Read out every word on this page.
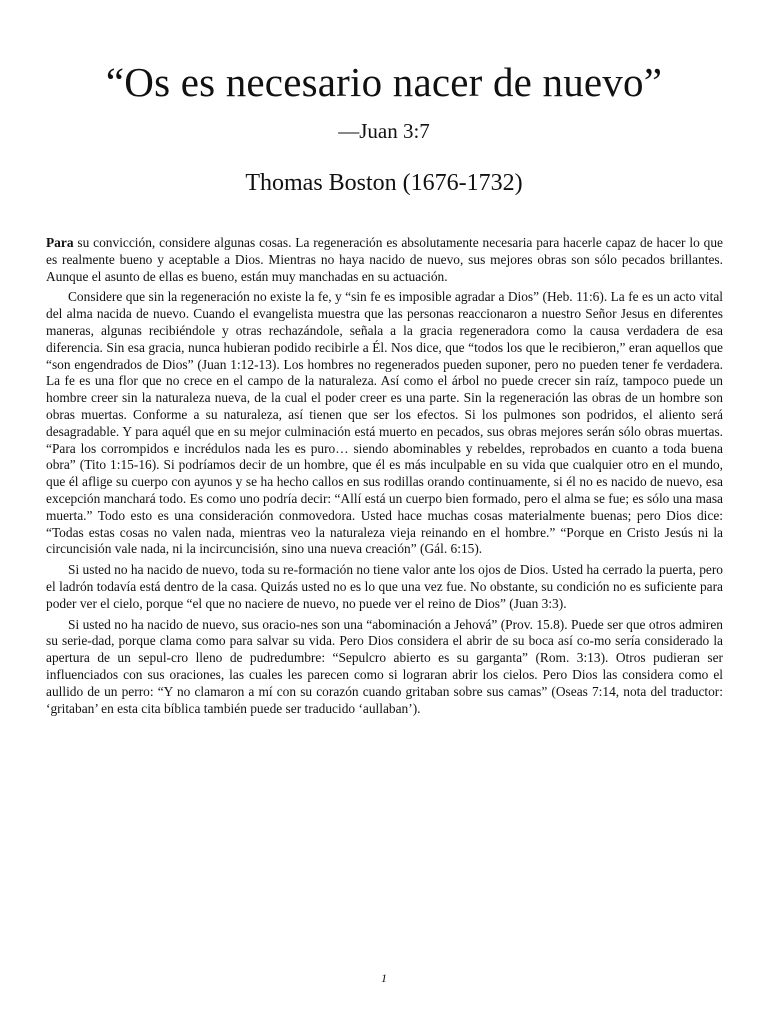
“Os es necesario nacer de nuevo”
—Juan 3:7
Thomas Boston (1676-1732)

Para su convicción, considere algunas cosas. La regeneración es absolutamente necesaria para hacerle capaz de hacer lo que es realmente bueno y aceptable a Dios. Mientras no haya nacido de nuevo, sus mejores obras son sólo pecados brillantes. Aunque el asunto de ellas es bueno, están muy manchadas en su actuación.

Considere que sin la regeneración no existe la fe, y “sin fe es imposible agradar a Dios” (Heb. 11:6). La fe es un acto vital del alma nacida de nuevo. Cuando el evangelista muestra que las personas reaccionaron a nuestro Señor Jesus en diferentes maneras, algunas recibiéndole y otras rechazándole, señala a la gracia regeneradora como la causa verdadera de esa diferencia. Sin esa gracia, nunca hubieran podido recibirle a Él. Nos dice, que “todos los que le recibieron,” eran aquellos que “son engendrados de Dios” (Juan 1:12-13). Los hombres no regenerados pueden suponer, pero no pueden tener fe verdadera. La fe es una flor que no crece en el campo de la naturaleza. Así como el árbol no puede crecer sin raíz, tampoco puede un hombre creer sin la naturaleza nueva, de la cual el poder creer es una parte. Sin la regeneración las obras de un hombre son obras muertas. Conforme a su naturaleza, así tienen que ser los efectos. Si los pulmones son podridos, el aliento será desagradable. Y para aquél que en su mejor culminación está muerto en pecados, sus obras mejores serán sólo obras muertas. “Para los corrompidos e incrédulos nada les es puro… siendo abominables y rebeldes, reprobados en cuanto a toda buena obra” (Tito 1:15-16). Si podríamos decir de un hombre, que él es más inculpable en su vida que cualquier otro en el mundo, que él aflige su cuerpo con ayunos y se ha hecho callos en sus rodillas orando continuamente, si él no es nacido de nuevo, esa excepción manchará todo. Es como uno podría decir: “Allí está un cuerpo bien formado, pero el alma se fue; es sólo una masa muerta.” Todo esto es una consideración conmovedora. Usted hace muchas cosas materialmente buenas; pero Dios dice: “Todas estas cosas no valen nada, mientras veo la naturaleza vieja reinando en el hombre.” “Porque en Cristo Jesús ni la circuncisión vale nada, ni la incircuncisión, sino una nueva creación” (Gál. 6:15).

Si usted no ha nacido de nuevo, toda su re-formación no tiene valor ante los ojos de Dios. Usted ha cerrado la puerta, pero el ladrón todavía está dentro de la casa. Quizás usted no es lo que una vez fue. No obstante, su condición no es suficiente para poder ver el cielo, porque “el que no naciere de nuevo, no puede ver el reino de Dios” (Juan 3:3).

Si usted no ha nacido de nuevo, sus oracio-nes son una “abominación a Jehová” (Prov. 15.8). Puede ser que otros admiren su serie-dad, porque clama como para salvar su vida. Pero Dios considera el abrir de su boca así co-mo sería considerado la apertura de un sepul-cro lleno de pudredumbre: “Sepulcro abierto es su garganta” (Rom. 3:13). Otros pudieran ser influenciados con sus oraciones, las cuales les parecen como si lograran abrir los cielos. Pero Dios las considera como el aullido de un perro: “Y no clamaron a mí con su corazón cuando gritaban sobre sus camas” (Oseas 7:14, nota del traductor: ‘gritaban’ en esta cita bíblica también puede ser traducido ‘aullaban’).

1
